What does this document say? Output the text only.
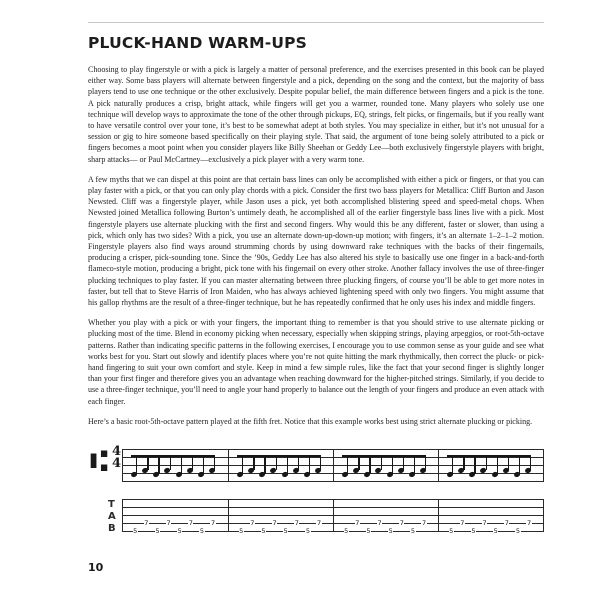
PLUCK-HAND WARM-UPS

Choosing to play fingerstyle or with a pick is largely a matter of personal preference, and the exercises presented in this book can be played either way. Some bass players will alternate between fingerstyle and a pick, depending on the song and the context, but the majority of bass players tend to use one technique or the other exclusively. Despite popular belief, the main difference between fingers and a pick is the tone. A pick naturally produces a crisp, bright attack, while fingers will get you a warmer, rounded tone. Many players who solely use one technique will develop ways to approximate the tone of the other through pickups, EQ, strings, felt picks, or fingernails, but if you really want to have versatile control over your tone, it’s best to be somewhat adept at both styles. You may specialize in either, but it’s not unusual for a session or gig to hire someone based specifically on their playing style. That said, the argument of tone being solely attributed to a pick or fingers becomes a moot point when you consider players like Billy Sheehan or Geddy Lee—both exclusively fingerstyle players with bright, sharp attacks— or Paul McCartney—exclusively a pick player with a very warm tone.

A few myths that we can dispel at this point are that certain bass lines can only be accomplished with either a pick or fingers, or that you can play faster with a pick, or that you can only play chords with a pick. Consider the first two bass players for Metallica: Cliff Burton and Jason Newsted. Cliff was a fingerstyle player, while Jason uses a pick, yet both accomplished blistering speed and speed-metal chops. When Newsted joined Metallica following Burton’s untimely death, he accomplished all of the earlier fingerstyle bass lines live with a pick. Most fingerstyle players use alternate plucking with the first and second fingers. Why would this be any different, faster or slower, than using a pick, which only has two sides? With a pick, you use an alternate down-up-down-up motion; with fingers, it’s an alternate 1–2–1–2 motion. Fingerstyle players also find ways around strumming chords by using downward rake techniques with the backs of their fingernails, producing a crisper, pick-sounding tone. Since the ’90s, Geddy Lee has also altered his style to basically use one finger in a back-and-forth flameco-style motion, producing a bright, pick tone with his fingernail on every other stroke. Another fallacy involves the use of three-finger plucking techniques to play faster. If you can master alternating between three plucking fingers, of course you’ll be able to get more notes in faster, but tell that to Steve Harris of Iron Maiden, who has always achieved lightening speed with only two fingers. You might assume that his gallop rhythms are the result of a three-finger technique, but he has repeatedly confirmed that he only uses his index and middle fingers.

Whether you play with a pick or with your fingers, the important thing to remember is that you should strive to use alternate picking or plucking most of the time. Blend in economy picking when necessary, especially when skipping strings, playing arpeggios, or root-5th-octave patterns. Rather than indicating specific patterns in the following exercises, I encourage you to use common sense as your guide and see what works best for you. Start out slowly and identify places where you’re not quite hitting the mark rhythmically, then correct the pluck- or pick-hand fingering to suit your own comfort and style. Keep in mind a few simple rules, like the fact that your second finger is slightly longer than your first finger and therefore gives you an advantage when reaching downward for the higher-pitched strings. Similarly, if you decide to use a three-finger technique, you’ll need to angle your hand properly to balance out the length of your fingers and produce an even attack with each finger.

Here’s a basic root-5th-octave pattern played at the fifth fret. Notice that this example works best using strict alternate plucking or picking.

⑆ 4
4
T
A
B	5
7
5
7
5
7
5
7
5
7
5
7
5
7
5
7
5
7
5
7
5
7
5
7
5
7
5
7
5
7
5
7
10
